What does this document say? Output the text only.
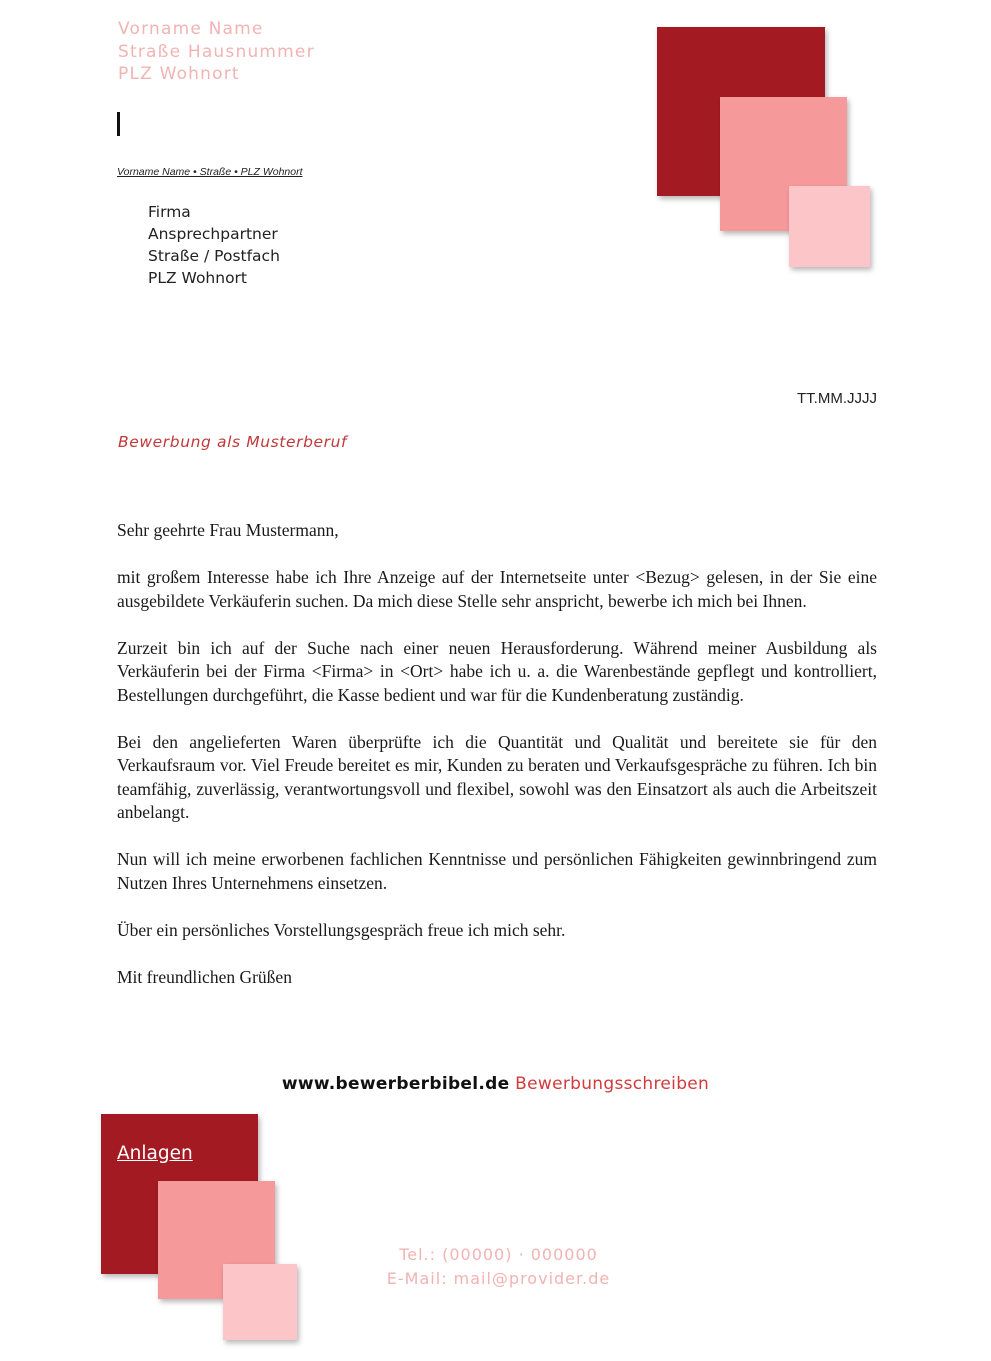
Vorname Name
Straße Hausnummer
PLZ Wohnort
Vorname Name • Straße • PLZ Wohnort
Firma
Ansprechpartner
Straße / Postfach
PLZ Wohnort
TT.MM.JJJJ
Bewerbung als Musterberuf

Sehr geehrte Frau Mustermann,

mit großem Interesse habe ich Ihre Anzeige auf der Internetseite unter <Bezug> gelesen, in der Sie eine ausgebildete Verkäuferin suchen. Da mich diese Stelle sehr anspricht, bewerbe ich mich bei Ihnen.

Zurzeit bin ich auf der Suche nach einer neuen Herausforderung. Während meiner Ausbildung als Verkäuferin bei der Firma <Firma> in <Ort> habe ich u. a. die Warenbestände gepflegt und kontrolliert, Bestellungen durchgeführt, die Kasse bedient und war für die Kundenberatung zuständig.

Bei den angelieferten Waren überprüfte ich die Quantität und Qualität und bereitete sie für den Verkaufsraum vor. Viel Freude bereitet es mir, Kunden zu beraten und Verkaufsgespräche zu führen. Ich bin teamfähig, zuverlässig, verantwortungsvoll und flexibel, sowohl was den Einsatzort als auch die Arbeitszeit anbelangt.

Nun will ich meine erworbenen fachlichen Kenntnisse und persönlichen Fähigkeiten gewinnbringend zum Nutzen Ihres Unternehmens einsetzen.

Über ein persönliches Vorstellungsgespräch freue ich mich sehr.

Mit freundlichen Grüßen

www.bewerberbibel.de Bewerbungsschreiben
Anlagen
Tel.: (00000) · 000000
E-Mail: mail@provider.de
